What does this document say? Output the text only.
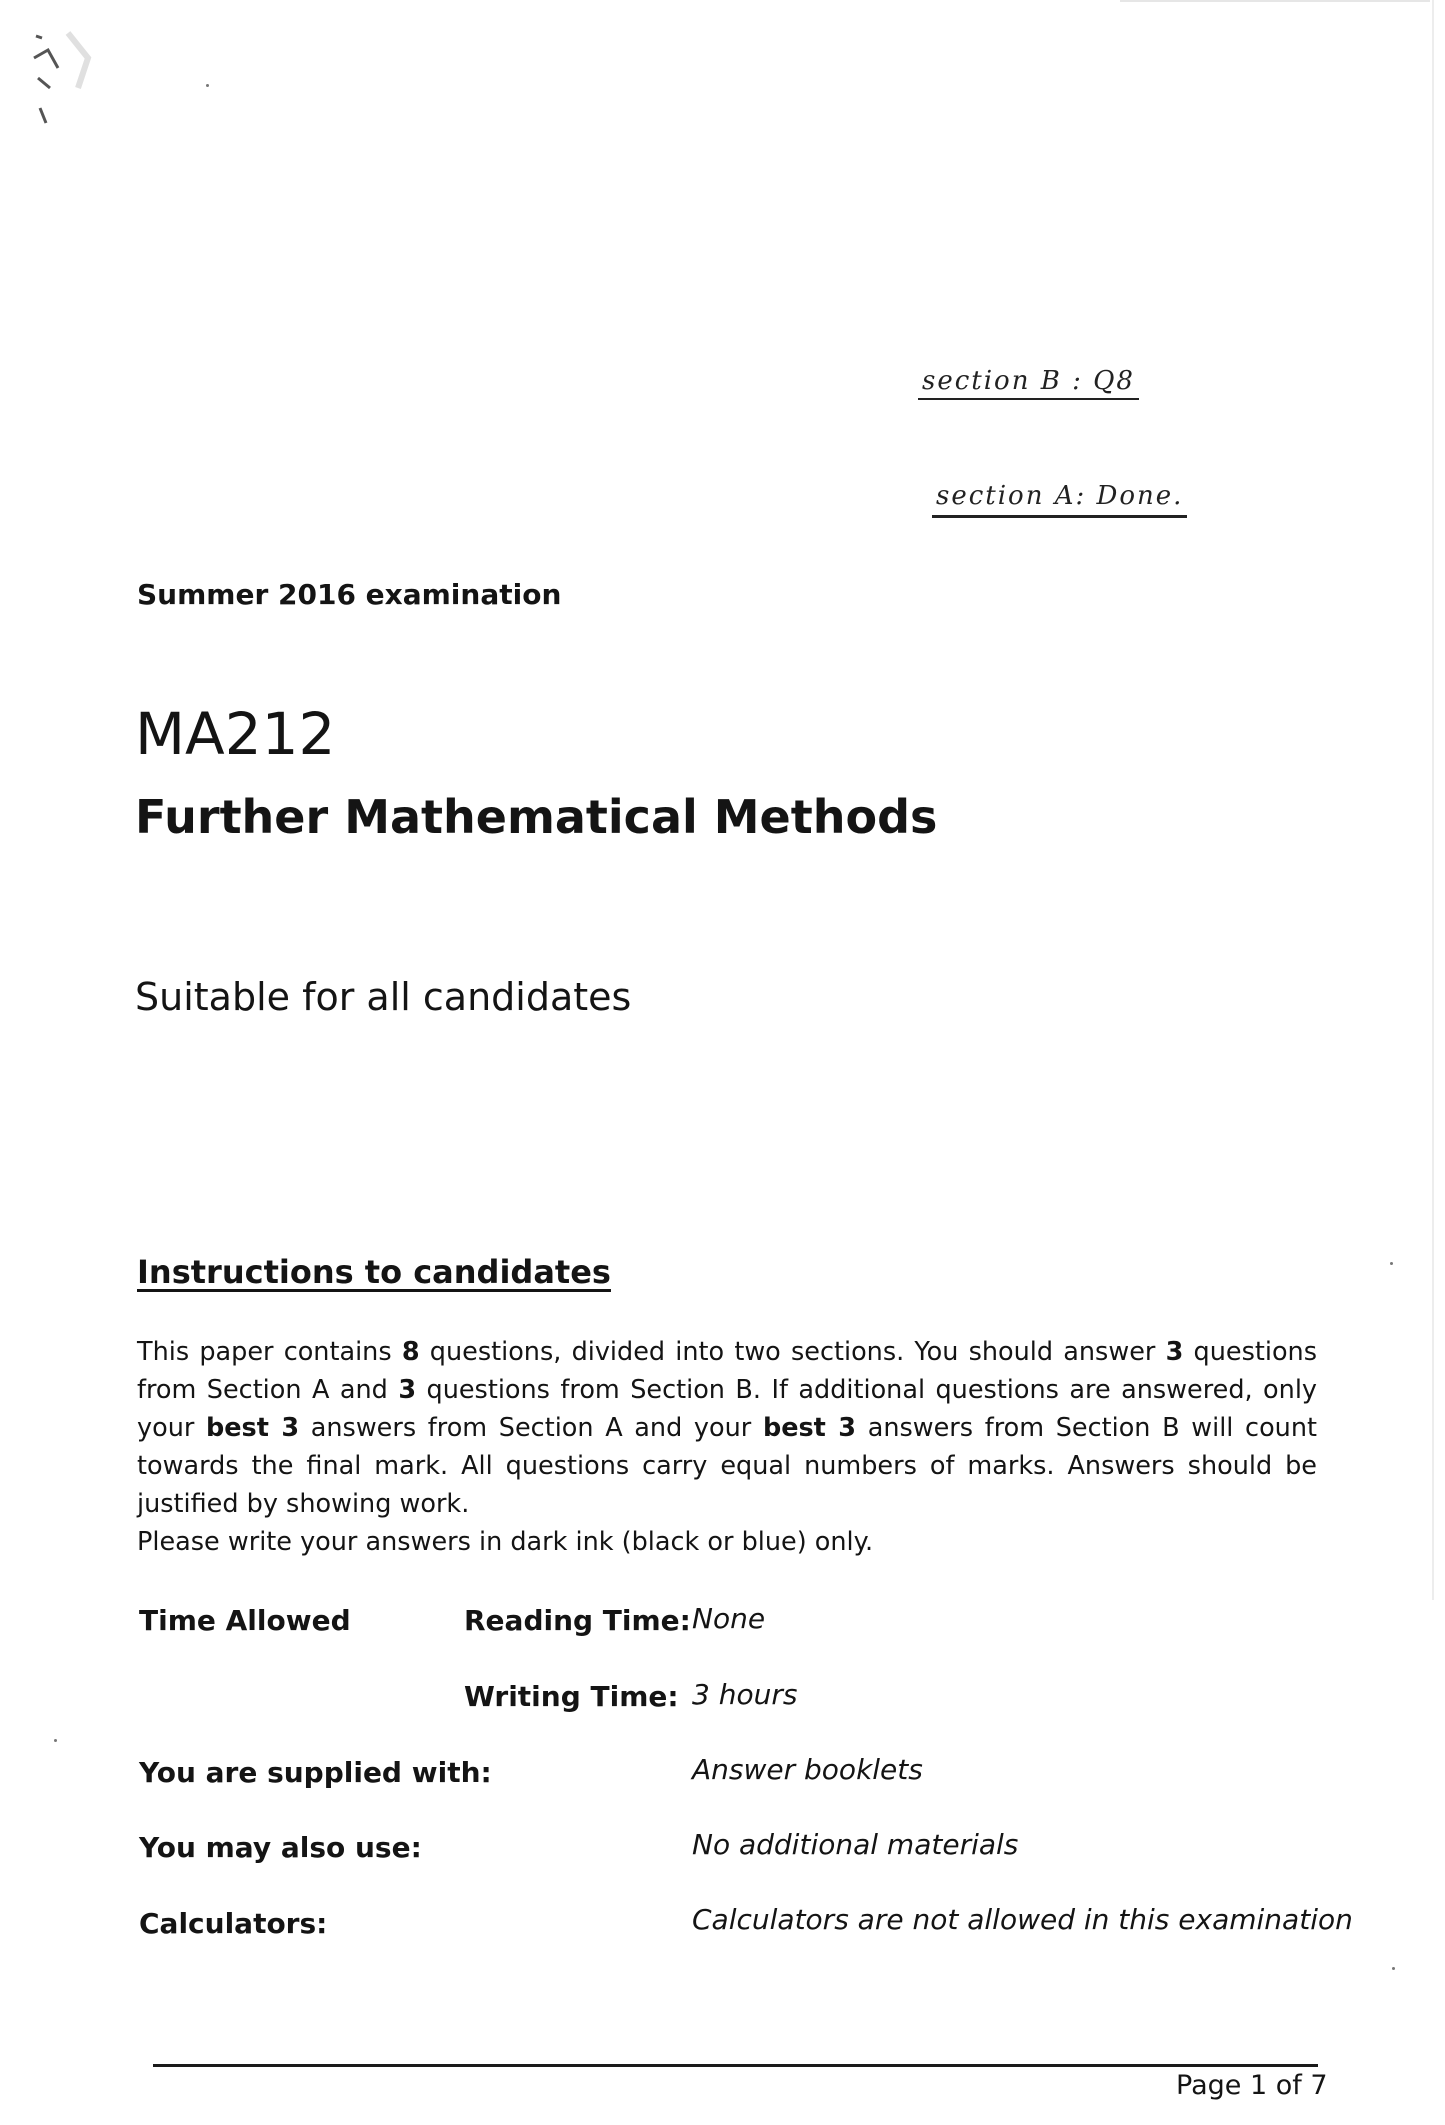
section B : Q8
section A: Done.
Summer 2016 examination
MA212
Further Mathematical Methods
Suitable for all candidates
Instructions to candidates
This paper contains 8 questions, divided into two sections. You should answer 3 questions from Section A and 3 questions from Section B. If additional questions are answered, only your best 3 answers from Section A and your best 3 answers from Section B will count towards the final mark. All questions carry equal numbers of marks. Answers should be justified by showing work.
Please write your answers in dark ink (black or blue) only.
Time Allowed	Reading Time: None
Writing Time: 3 hours
You are supplied with:	Answer booklets
You may also use:	No additional materials
Calculators:	Calculators are not allowed in this examination
Page 1 of 7
